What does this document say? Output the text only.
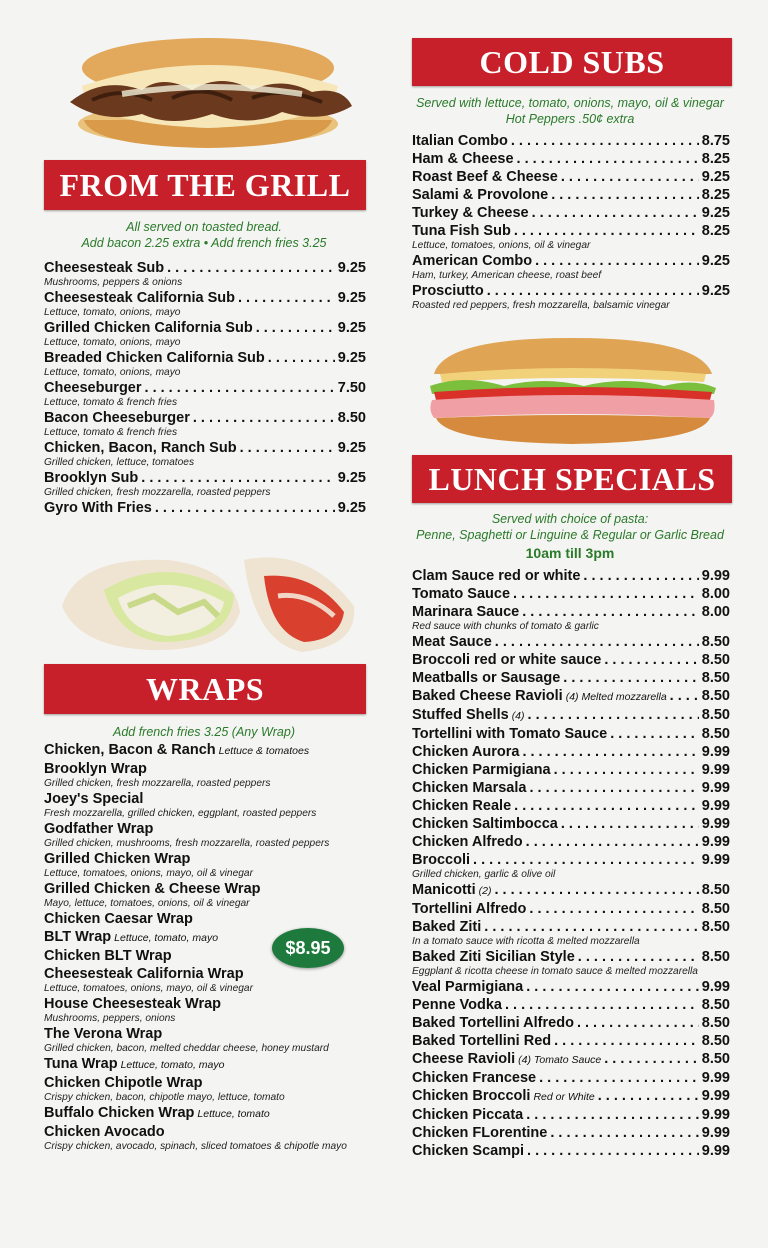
FROM THE GRILL
All served on toasted bread.
Add bacon 2.25 extra • Add french fries 3.25
Cheesesteak Sub . . .	9.25
Mushrooms, peppers & onions
Cheesesteak California Sub . . .	9.25
Lettuce, tomato, onions, mayo
Grilled Chicken California Sub . . .	9.25
Lettuce, tomato, onions, mayo
Breaded Chicken California Sub . . .	9.25
Lettuce, tomato, onions, mayo
Cheeseburger . . .	7.50
Lettuce, tomato & french fries
Bacon Cheeseburger . . .	8.50
Lettuce, tomato & french fries
Chicken, Bacon, Ranch Sub . . .	9.25
Grilled chicken, lettuce, tomatoes
Brooklyn Sub . . .	9.25
Grilled chicken, fresh mozzarella, roasted peppers
Gyro With Fries . . .	9.25
WRAPS
Add french fries 3.25 (Any Wrap)
Chicken, Bacon & Ranch Lettuce & tomatoes
Brooklyn Wrap
Grilled chicken, fresh mozzarella, roasted peppers
Joey's Special
Fresh mozzarella, grilled chicken, eggplant, roasted peppers
Godfather Wrap
Grilled chicken, mushrooms, fresh mozzarella, roasted peppers
Grilled Chicken Wrap
Lettuce, tomatoes, onions, mayo, oil & vinegar
Grilled Chicken & Cheese Wrap
Mayo, lettuce, tomatoes, onions, oil & vinegar
Chicken Caesar Wrap
BLT Wrap Lettuce, tomato, mayo
Chicken BLT Wrap
Cheesesteak California Wrap
Lettuce, tomatoes, onions, mayo, oil & vinegar
House Cheesesteak Wrap
Mushrooms, peppers, onions
The Verona Wrap
Grilled chicken, bacon, melted cheddar cheese, honey mustard
Tuna Wrap Lettuce, tomato, mayo
Chicken Chipotle Wrap
Crispy chicken, bacon, chipotle mayo, lettuce, tomato
Buffalo Chicken Wrap Lettuce, tomato
Chicken Avocado
Crispy chicken, avocado, spinach, sliced tomatoes & chipotle mayo
$8.95
COLD SUBS
Served with lettuce, tomato, onions, mayo, oil & vinegar
Hot Peppers .50¢ extra
Italian Combo . . .	8.75
Ham & Cheese . . .	8.25
Roast Beef & Cheese . . .	9.25
Salami & Provolone . . .	8.25
Turkey & Cheese . . .	9.25
Tuna Fish Sub . . .	8.25
Lettuce, tomatoes, onions, oil & vinegar
American Combo . . .	9.25
Ham, turkey, American cheese, roast beef
Prosciutto . . .	9.25
Roasted red peppers, fresh mozzarella, balsamic vinegar
LUNCH SPECIALS
Served with choice of pasta:
Penne, Spaghetti or Linguine & Regular or Garlic Bread
10am till 3pm
Clam Sauce red or white . . .	9.99
Tomato Sauce . . .	8.00
Marinara Sauce . . .	8.00
Red sauce with chunks of tomato & garlic
Meat Sauce . . .	8.50
Broccoli red or white sauce . . .	8.50
Meatballs or Sausage . . .	8.50
Baked Cheese Ravioli (4) Melted mozzarella . . . 8.50
Stuffed Shells (4) . . .	8.50
Tortellini with Tomato Sauce . . .	8.50
Chicken Aurora . . .	9.99
Chicken Parmigiana . . .	9.99
Chicken Marsala . . .	9.99
Chicken Reale . . .	9.99
Chicken Saltimbocca . . .	9.99
Chicken Alfredo . . .	9.99
Broccoli . . .	9.99
Grilled chicken, garlic & olive oil
Manicotti (2) . . .	8.50
Tortellini Alfredo . . .	8.50
Baked Ziti . . .	8.50
In a tomato sauce with ricotta & melted mozzarella
Baked Ziti Sicilian Style . . .	8.50
Eggplant & ricotta cheese in tomato sauce & melted mozzarella
Veal Parmigiana . . .	9.99
Penne Vodka . . .	8.50
Baked Tortellini Alfredo . . .	8.50
Baked Tortellini Red . . .	8.50
Cheese Ravioli (4) Tomato Sauce . . .	8.50
Chicken Francese . . .	9.99
Chicken Broccoli Red or White . . .	9.99
Chicken Piccata . . .	9.99
Chicken FLorentine . . .	9.99
Chicken Scampi . . .	9.99
